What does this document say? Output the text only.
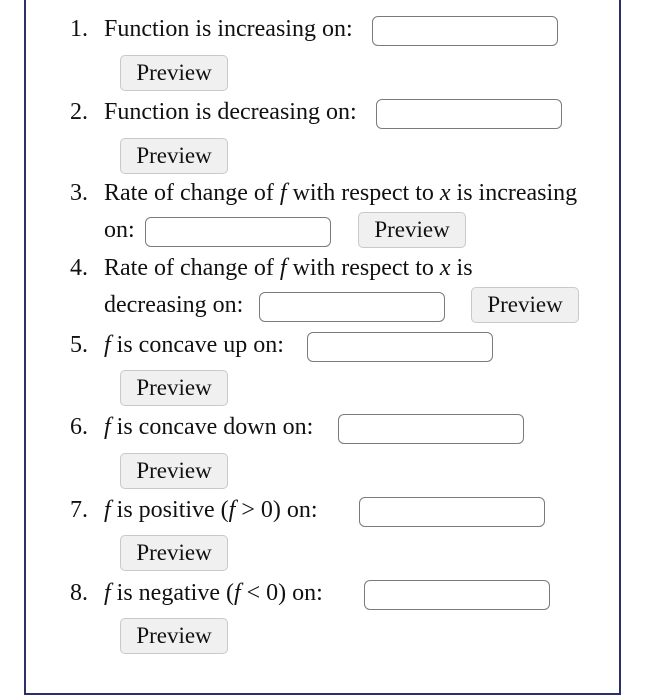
1. Function is increasing on:
Preview
2. Function is decreasing on:
Preview
3. Rate of change of f with respect to x is increasing
on:	Preview
4. Rate of change of f with respect to x is
decreasing on:	Preview
5. f is concave up on:
Preview
6. f is concave down on:
Preview
7. f is positive (f > 0) on:
Preview
8. f is negative (f < 0) on:
Preview
